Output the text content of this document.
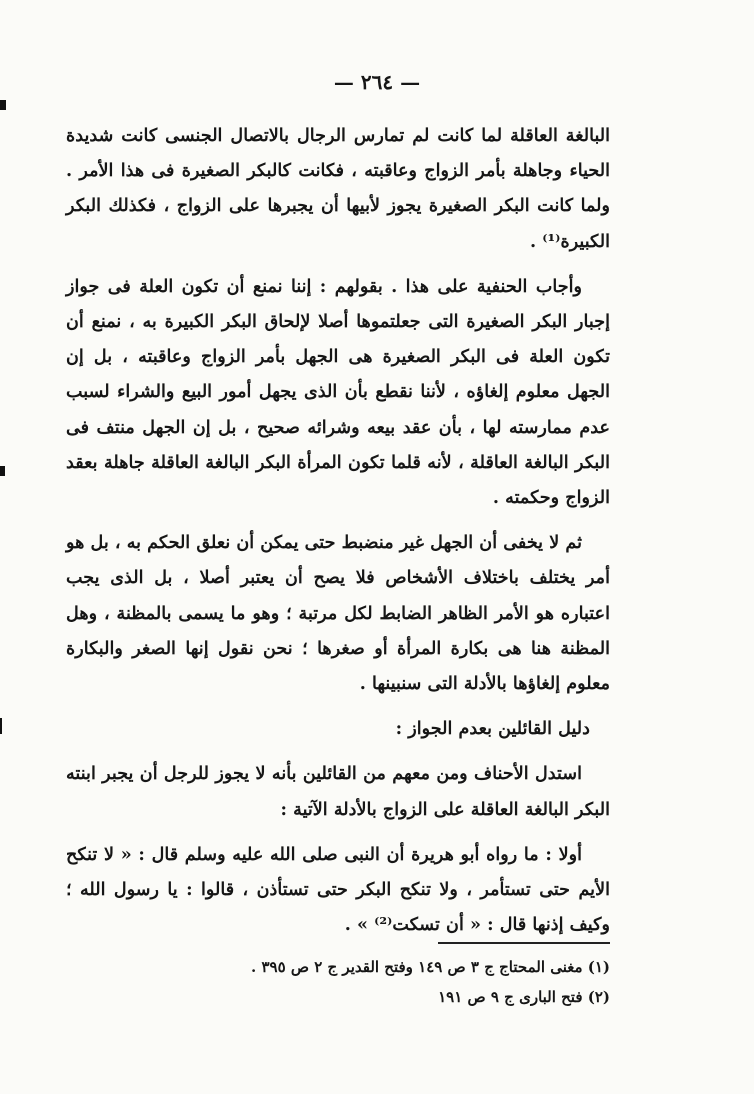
— ٢٦٤ —

البالغة العاقلة لما كانت لم تمارس الرجال بالاتصال الجنسى كانت شديدة الحياء وجاهلة بأمر الزواج وعاقبته ، فكانت كالبكر الصغيرة فى هذا الأمر . ولما كانت البكر الصغيرة يجوز لأبيها أن يجبرها على الزواج ، فكذلك البكر الكبيرة⁽¹⁾ .

وأجاب الحنفية على هذا . بقولهم : إننا نمنع أن تكون العلة فى جواز إجبار البكر الصغيرة التى جعلتموها أصلا لإلحاق البكر الكبيرة به ، نمنع أن تكون العلة فى البكر الصغيرة هى الجهل بأمر الزواج وعاقبته ، بل إن الجهل معلوم إلغاؤه ، لأننا نقطع بأن الذى يجهل أمور البيع والشراء لسبب عدم ممارسته لها ، بأن عقد بيعه وشرائه صحيح ، بل إن الجهل منتف فى البكر البالغة العاقلة ، لأنه قلما تكون المرأة البكر البالغة العاقلة جاهلة بعقد الزواج وحكمته .

ثم لا يخفى أن الجهل غير منضبط حتى يمكن أن نعلق الحكم به ، بل هو أمر يختلف باختلاف الأشخاص فلا يصح أن يعتبر أصلا ، بل الذى يجب اعتباره هو الأمر الظاهر الضابط لكل مرتبة ؛ وهو ما يسمى بالمظنة ، وهل المظنة هنا هى بكارة المرأة أو صغرها ؛ نحن نقول إنها الصغر والبكارة معلوم إلغاؤها بالأدلة التى سنبينها .

دليل القائلين بعدم الجواز :

استدل الأحناف ومن معهم من القائلين بأنه لا يجوز للرجل أن يجبر ابنته البكر البالغة العاقلة على الزواج بالأدلة الآتية :

أولا : ما رواه أبو هريرة أن النبى صلى الله عليه وسلم قال : « لا تنكح الأيم حتى تستأمر ، ولا تنكح البكر حتى تستأذن ، قالوا : يا رسول الله ؛ وكيف إذنها قال : « أن تسكت⁽²⁾ » .

(١) مغنى المحتاج ج ٣ ص ١٤٩ وفتح القدير ج ٢ ص ٣٩٥ .

(٢) فتح البارى ج ٩ ص ١٩١
